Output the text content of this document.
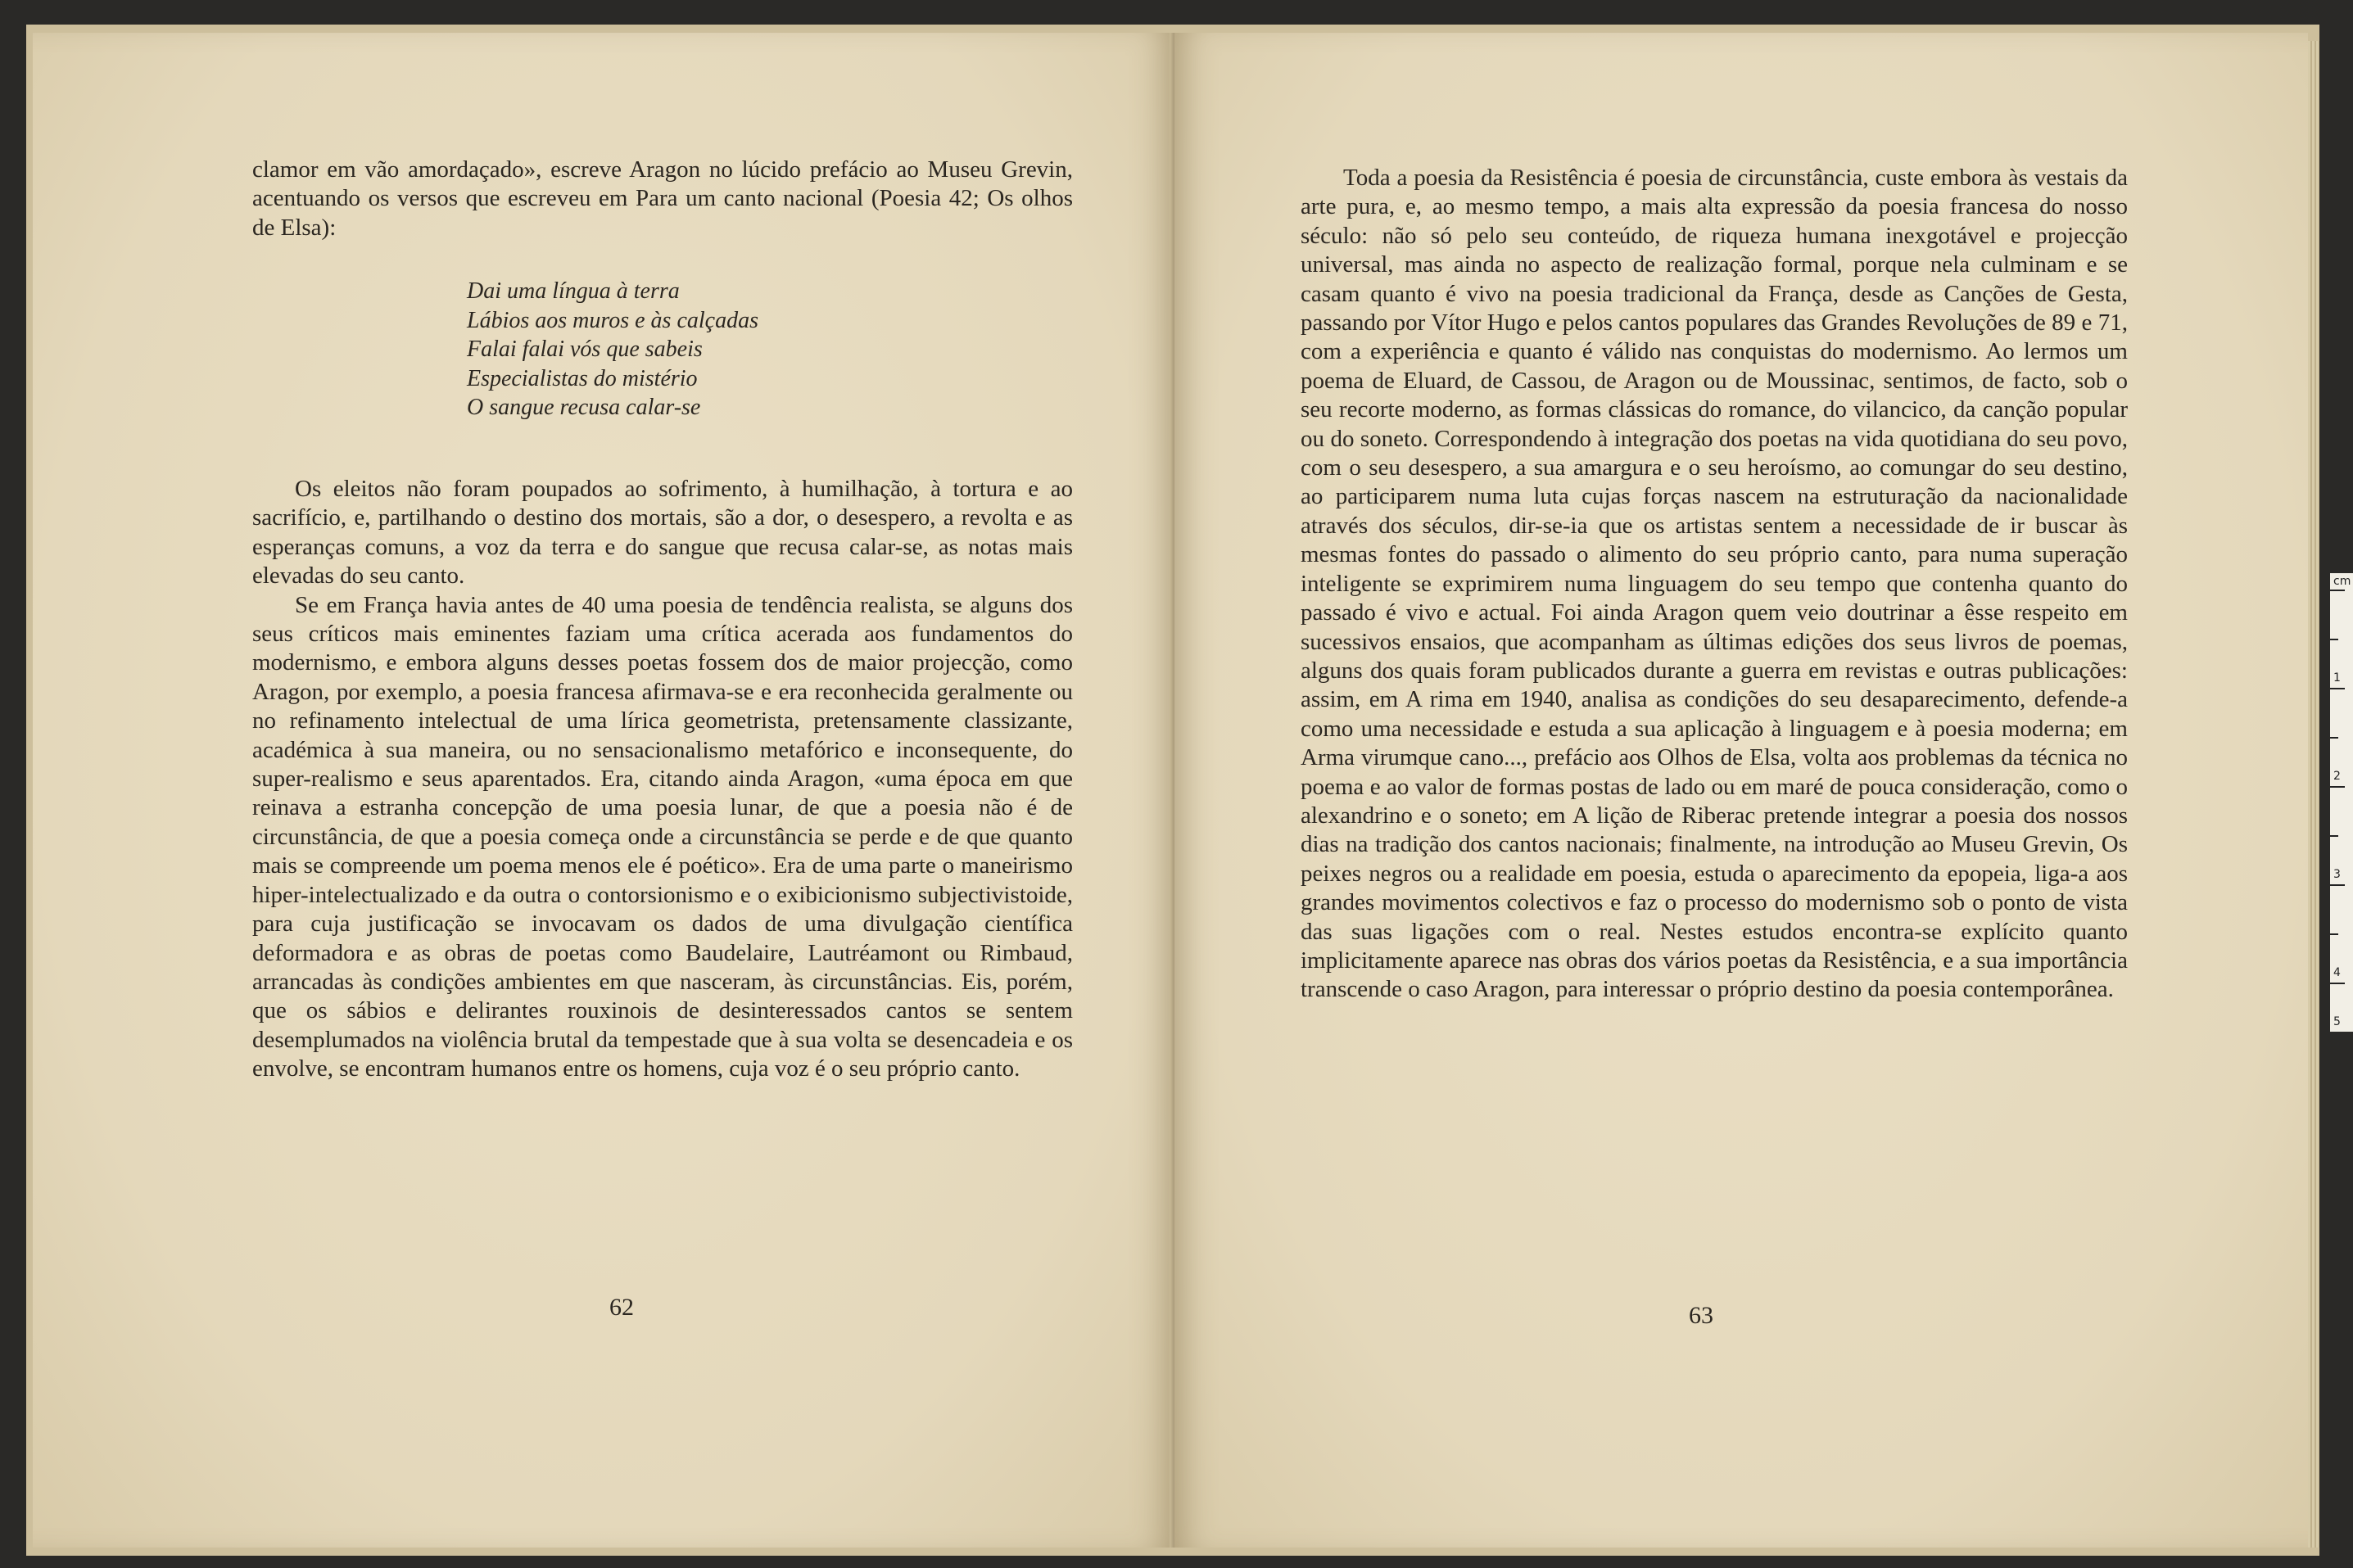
clamor em vão amordaçado», escreve Aragon no lúcido prefácio ao Museu Grevin, acentuando os versos que escreveu em Para um canto nacional (Poesia 42; Os olhos de Elsa):

Dai uma língua à terra
Lábios aos muros e às calçadas
Falai falai vós que sabeis
Especialistas do mistério
O sangue recusa calar-se

Os eleitos não foram poupados ao sofrimento, à humilhação, à tortura e ao sacrifício, e, partilhando o destino dos mortais, são a dor, o desespero, a revolta e as esperanças comuns, a voz da terra e do sangue que recusa calar-se, as notas mais elevadas do seu canto.

Se em França havia antes de 40 uma poesia de tendência realista, se alguns dos seus críticos mais eminentes faziam uma crítica acerada aos fundamentos do modernismo, e embora alguns desses poetas fossem dos de maior projecção, como Aragon, por exemplo, a poesia francesa afirmava-se e era reconhecida geralmente ou no refinamento intelectual de uma lírica geometrista, pretensamente classizante, académica à sua maneira, ou no sensacionalismo metafórico e inconsequente, do super-realismo e seus aparentados. Era, citando ainda Aragon, «uma época em que reinava a estranha concepção de uma poesia lunar, de que a poesia não é de circunstância, de que a poesia começa onde a circunstância se perde e de que quanto mais se compreende um poema menos ele é poético». Era de uma parte o maneirismo hiper-intelectualizado e da outra o contorsionismo e o exibicionismo subjectivistoide, para cuja justificação se invocavam os dados de uma divulgação científica deformadora e as obras de poetas como Baudelaire, Lautréamont ou Rimbaud, arrancadas às condições ambientes em que nasceram, às circunstâncias. Eis, porém, que os sábios e delirantes rouxinois de desinteressados cantos se sentem desemplumados na violência brutal da tempestade que à sua volta se desencadeia e os envolve, se encontram humanos entre os homens, cuja voz é o seu próprio canto.

62

Toda a poesia da Resistência é poesia de circunstância, custe embora às vestais da arte pura, e, ao mesmo tempo, a mais alta expressão da poesia francesa do nosso século: não só pelo seu conteúdo, de riqueza humana inexgotável e projecção universal, mas ainda no aspecto de realização formal, porque nela culminam e se casam quanto é vivo na poesia tradicional da França, desde as Canções de Gesta, passando por Vítor Hugo e pelos cantos populares das Grandes Revoluções de 89 e 71, com a experiência e quanto é válido nas conquistas do modernismo. Ao lermos um poema de Eluard, de Cassou, de Aragon ou de Moussinac, sentimos, de facto, sob o seu recorte moderno, as formas clássicas do romance, do vilancico, da canção popular ou do soneto. Correspondendo à integração dos poetas na vida quotidiana do seu povo, com o seu desespero, a sua amargura e o seu heroísmo, ao comungar do seu destino, ao participarem numa luta cujas forças nascem na estruturação da nacionalidade através dos séculos, dir-se-ia que os artistas sentem a necessidade de ir buscar às mesmas fontes do passado o alimento do seu próprio canto, para numa superação inteligente se exprimirem numa linguagem do seu tempo que contenha quanto do passado é vivo e actual. Foi ainda Aragon quem veio doutrinar a êsse respeito em sucessivos ensaios, que acompanham as últimas edições dos seus livros de poemas, alguns dos quais foram publicados durante a guerra em revistas e outras publicações: assim, em A rima em 1940, analisa as condições do seu desaparecimento, defende-a como uma necessidade e estuda a sua aplicação à linguagem e à poesia moderna; em Arma virumque cano..., prefácio aos Olhos de Elsa, volta aos problemas da técnica no poema e ao valor de formas postas de lado ou em maré de pouca consideração, como o alexandrino e o soneto; em A lição de Riberac pretende integrar a poesia dos nossos dias na tradição dos cantos nacionais; finalmente, na introdução ao Museu Grevin, Os peixes negros ou a realidade em poesia, estuda o aparecimento da epopeia, liga-a aos grandes movimentos colectivos e faz o processo do modernismo sob o ponto de vista das suas ligações com o real. Nestes estudos encontra-se explícito quanto implicitamente aparece nas obras dos vários poetas da Resistência, e a sua importância transcende o caso Aragon, para interessar o próprio destino da poesia contemporânea.

63
cm
1
2
3
4
5
